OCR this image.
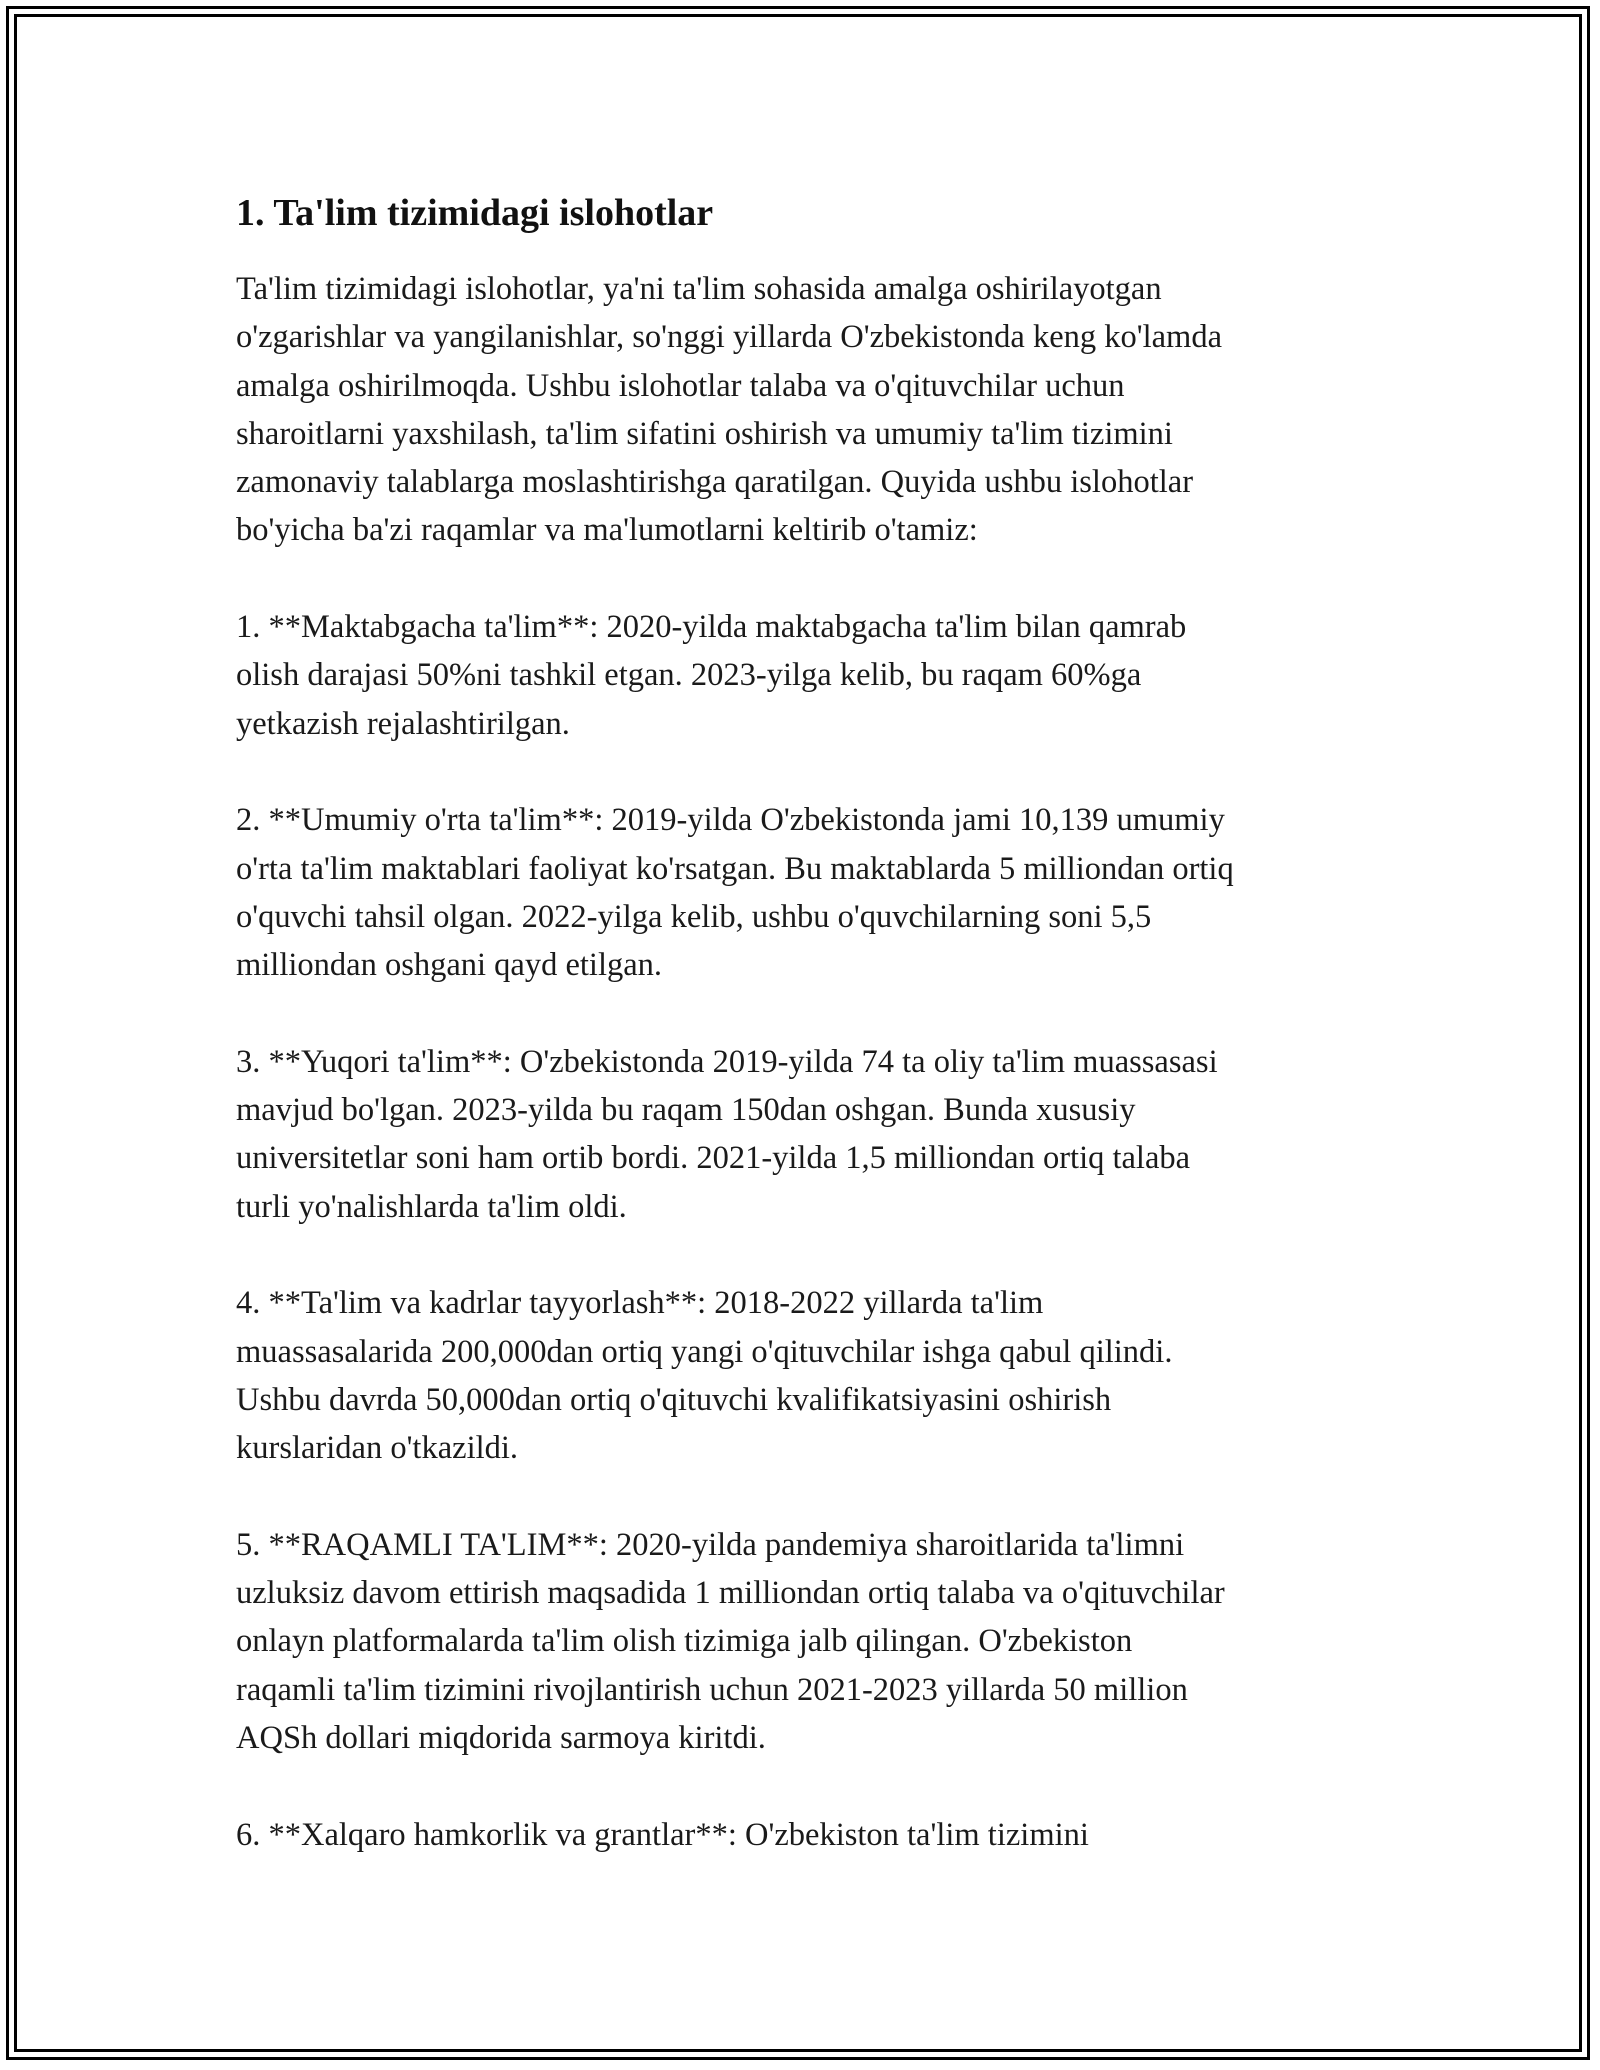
1. Ta'lim tizimidagi islohotlar
Ta'lim tizimidagi islohotlar, ya'ni ta'lim sohasida amalga oshirilayotgan
o'zgarishlar va yangilanishlar, so'nggi yillarda O'zbekistonda keng ko'lamda
amalga oshirilmoqda. Ushbu islohotlar talaba va o'qituvchilar uchun
sharoitlarni yaxshilash, ta'lim sifatini oshirish va umumiy ta'lim tizimini
zamonaviy talablarga moslashtirishga qaratilgan. Quyida ushbu islohotlar
bo'yicha ba'zi raqamlar va ma'lumotlarni keltirib o'tamiz:
1. **Maktabgacha ta'lim**: 2020-yilda maktabgacha ta'lim bilan qamrab
olish darajasi 50%ni tashkil etgan. 2023-yilga kelib, bu raqam 60%ga
yetkazish rejalashtirilgan.
2. **Umumiy o'rta ta'lim**: 2019-yilda O'zbekistonda jami 10,139 umumiy
o'rta ta'lim maktablari faoliyat ko'rsatgan. Bu maktablarda 5 milliondan ortiq
o'quvchi tahsil olgan. 2022-yilga kelib, ushbu o'quvchilarning soni 5,5
milliondan oshgani qayd etilgan.
3. **Yuqori ta'lim**: O'zbekistonda 2019-yilda 74 ta oliy ta'lim muassasasi
mavjud bo'lgan. 2023-yilda bu raqam 150dan oshgan. Bunda xususiy
universitetlar soni ham ortib bordi. 2021-yilda 1,5 milliondan ortiq talaba
turli yo'nalishlarda ta'lim oldi.
4. **Ta'lim va kadrlar tayyorlash**: 2018-2022 yillarda ta'lim
muassasalarida 200,000dan ortiq yangi o'qituvchilar ishga qabul qilindi.
Ushbu davrda 50,000dan ortiq o'qituvchi kvalifikatsiyasini oshirish
kurslaridan o'tkazildi.
5. **RAQAMLI TA'LIM**: 2020-yilda pandemiya sharoitlarida ta'limni
uzluksiz davom ettirish maqsadida 1 milliondan ortiq talaba va o'qituvchilar
onlayn platformalarda ta'lim olish tizimiga jalb qilingan. O'zbekiston
raqamli ta'lim tizimini rivojlantirish uchun 2021-2023 yillarda 50 million
AQSh dollari miqdorida sarmoya kiritdi.
6. **Xalqaro hamkorlik va grantlar**: O'zbekiston ta'lim tizimini
